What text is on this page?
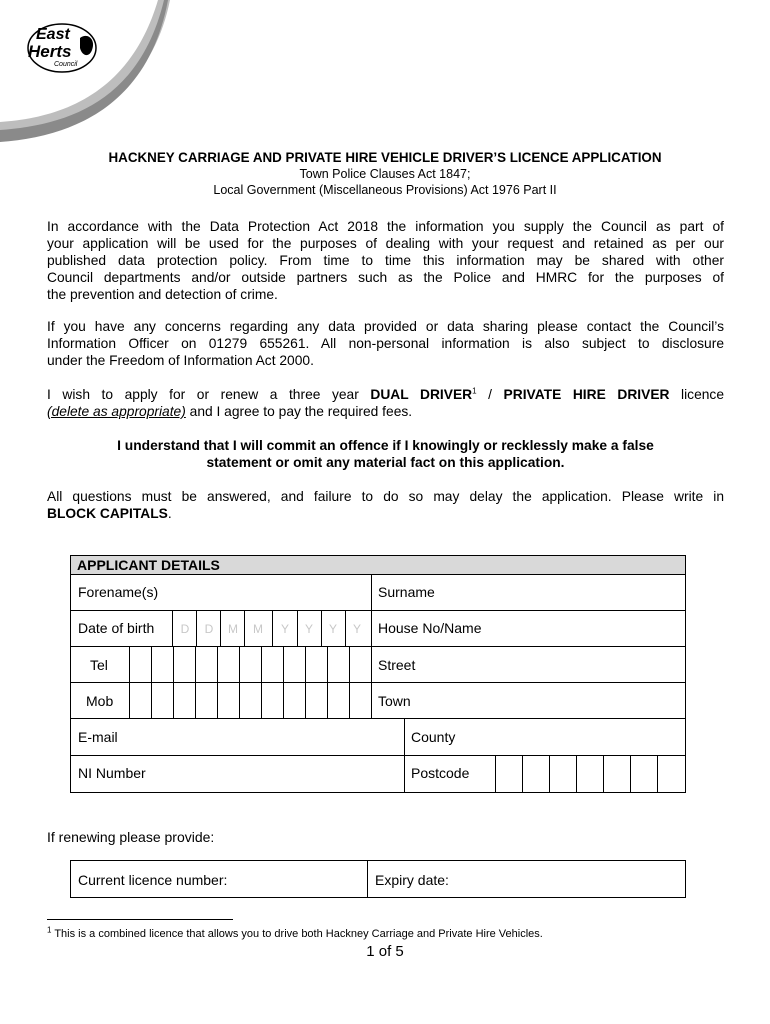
East
Herts
Council
HACKNEY CARRIAGE AND PRIVATE HIRE VEHICLE DRIVER’S LICENCE APPLICATION
Town Police Clauses Act 1847;
Local Government (Miscellaneous Provisions) Act 1976 Part II
In accordance with the Data Protection Act 2018 the information you supply the Council as part of
your application will be used for the purposes of dealing with your request and retained as per our
published data protection policy. From time to time this information may be shared with other
Council departments and/or outside partners such as the Police and HMRC for the purposes of
the prevention and detection of crime.
If you have any concerns regarding any data provided or data sharing please contact the Council’s
Information Officer on 01279 655261. All non-personal information is also subject to disclosure
under the Freedom of Information Act 2000.
I wish to apply for or renew a three year DUAL DRIVER$^1$ / PRIVATE HIRE DRIVER licence
(delete as appropriate) and I agree to pay the required fees.
I understand that I will commit an offence if I knowingly or recklessly make a false
statement or omit any material fact on this application.
All questions must be answered, and failure to do so may delay the application. Please write in
BLOCK CAPITALS.
APPLICANT DETAILS
Forename(s)	Surname
Date of birth	D	D	M	M	Y	Y	Y	Y	House No/Name
Tel	Street
Mob	Town
E-mail	County
NI Number	Postcode
If renewing please provide:
Current licence number:	Expiry date:
$^1$ This is a combined licence that allows you to drive both Hackney Carriage and Private Hire Vehicles.
1 of 5
